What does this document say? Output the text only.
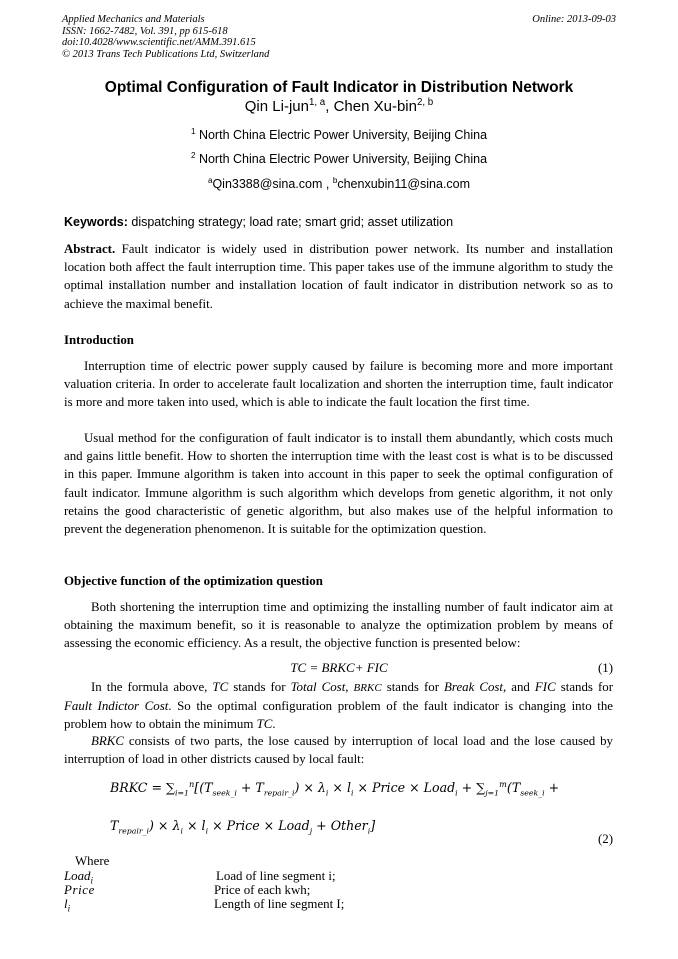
Applied Mechanics and Materials
ISSN: 1662-7482, Vol. 391, pp 615-618
doi:10.4028/www.scientific.net/AMM.391.615
© 2013 Trans Tech Publications Ltd, Switzerland
Online: 2013-09-03
Optimal Configuration of Fault Indicator in Distribution Network
Qin Li-jun$^{1, a}$, Chen Xu-bin$^{2, b}$
$^1$ North China Electric Power University, Beijing China
$^2$ North China Electric Power University, Beijing China
$^a$Qin3388@sina.com , $^b$chenxubin11@sina.com
Keywords: dispatching strategy; load rate; smart grid; asset utilization
Abstract. Fault indicator is widely used in distribution power network. Its number and installation location both affect the fault interruption time. This paper takes use of the immune algorithm to study the optimal installation number and installation location of fault indicator in distribution network so as to achieve the maximal benefit.
Introduction
Interruption time of electric power supply caused by failure is becoming more and more important valuation criteria. In order to accelerate fault localization and shorten the interruption time, fault indicator is more and more taken into used, which is able to indicate the fault location the first time.
Usual method for the configuration of fault indicator is to install them abundantly, which costs much and gains little benefit. How to shorten the interruption time with the least cost is what is to be discussed in this paper. Immune algorithm is taken into account in this paper to seek the optimal configuration of fault indicator. Immune algorithm is such algorithm which develops from genetic algorithm, it not only retains the good characteristic of genetic algorithm, but also makes use of the helpful information to prevent the degeneration phenomenon. It is suitable for the optimization question.
Objective function of the optimization question
Both shortening the interruption time and optimizing the installing number of fault indicator aim at obtaining the maximum benefit, so it is reasonable to analyze the optimization problem by means of assessing the economic efficiency. As a result, the objective function is presented below:
TC = BRKC+ FIC	(1)
In the formula above, TC stands for Total Cost, BRKC stands for Break Cost, and FIC stands for Fault Indictor Cost. So the optimal configuration problem of the fault indicator is changing into the problem how to obtain the minimum TC.
BRKC consists of two parts, the lose caused by interruption of local load and the lose caused by interruption of load in other districts caused by local fault:
BRKC = $\sum_{i=1}^n[(T_{seek\_i} + T_{repair\_i}) \times \lambda_i \times l_i$ × Price × Load$_i$ + $\sum_{j=1}^m(T_{seek\_i}$ +
$T_{repair\_i}) \times \lambda_i \times l_i$ × Price × Load$_j$ + Other$_i$]
(2)
Where
Load$_i$	Load of line segment i;
Price	Price of each kwh;
$l_i$	Length of line segment I;
